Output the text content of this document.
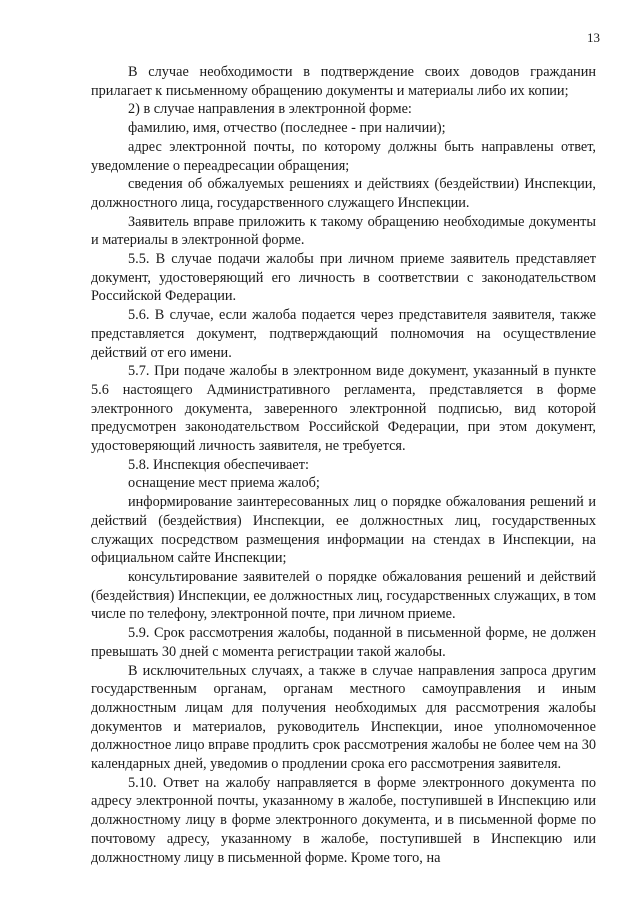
13

В случае необходимости в подтверждение своих доводов гражданин прилагает к письменному обращению документы и материалы либо их копии;

2) в случае направления в электронной форме:

фамилию, имя, отчество (последнее - при наличии);

адрес электронной почты, по которому должны быть направлены ответ, уведомление о переадресации обращения;

сведения об обжалуемых решениях и действиях (бездействии) Инспекции, должностного лица, государственного служащего Инспекции.

Заявитель вправе приложить к такому обращению необходимые документы и материалы в электронной форме.

5.5. В случае подачи жалобы при личном приеме заявитель представляет документ, удостоверяющий его личность в соответствии с законодательством Российской Федерации.

5.6. В случае, если жалоба подается через представителя заявителя, также представляется документ, подтверждающий полномочия на осуществление действий от его имени.

5.7. При подаче жалобы в электронном виде документ, указанный в пункте 5.6 настоящего Административного регламента, представляется в форме электронного документа, заверенного электронной подписью, вид которой предусмотрен законодательством Российской Федерации, при этом документ, удостоверяющий личность заявителя, не требуется.

5.8. Инспекция обеспечивает:

оснащение мест приема жалоб;

информирование заинтересованных лиц о порядке обжалования решений и действий (бездействия) Инспекции, ее должностных лиц, государственных служащих посредством размещения информации на стендах в Инспекции, на официальном сайте Инспекции;

консультирование заявителей о порядке обжалования решений и действий (бездействия) Инспекции, ее должностных лиц, государственных служащих, в том числе по телефону, электронной почте, при личном приеме.

5.9. Срок рассмотрения жалобы, поданной в письменной форме, не должен превышать 30 дней с момента регистрации такой жалобы.

В исключительных случаях, а также в случае направления запроса другим государственным органам, органам местного самоуправления и иным должностным лицам для получения необходимых для рассмотрения жалобы документов и материалов, руководитель Инспекции, иное уполномоченное должностное лицо вправе продлить срок рассмотрения жалобы не более чем на 30 календарных дней, уведомив о продлении срока его рассмотрения заявителя.

5.10. Ответ на жалобу направляется в форме электронного документа по адресу электронной почты, указанному в жалобе, поступившей в Инспекцию или должностному лицу в форме электронного документа, и в письменной форме по почтовому адресу, указанному в жалобе, поступившей в Инспекцию или должностному лицу в письменной форме. Кроме того, на
